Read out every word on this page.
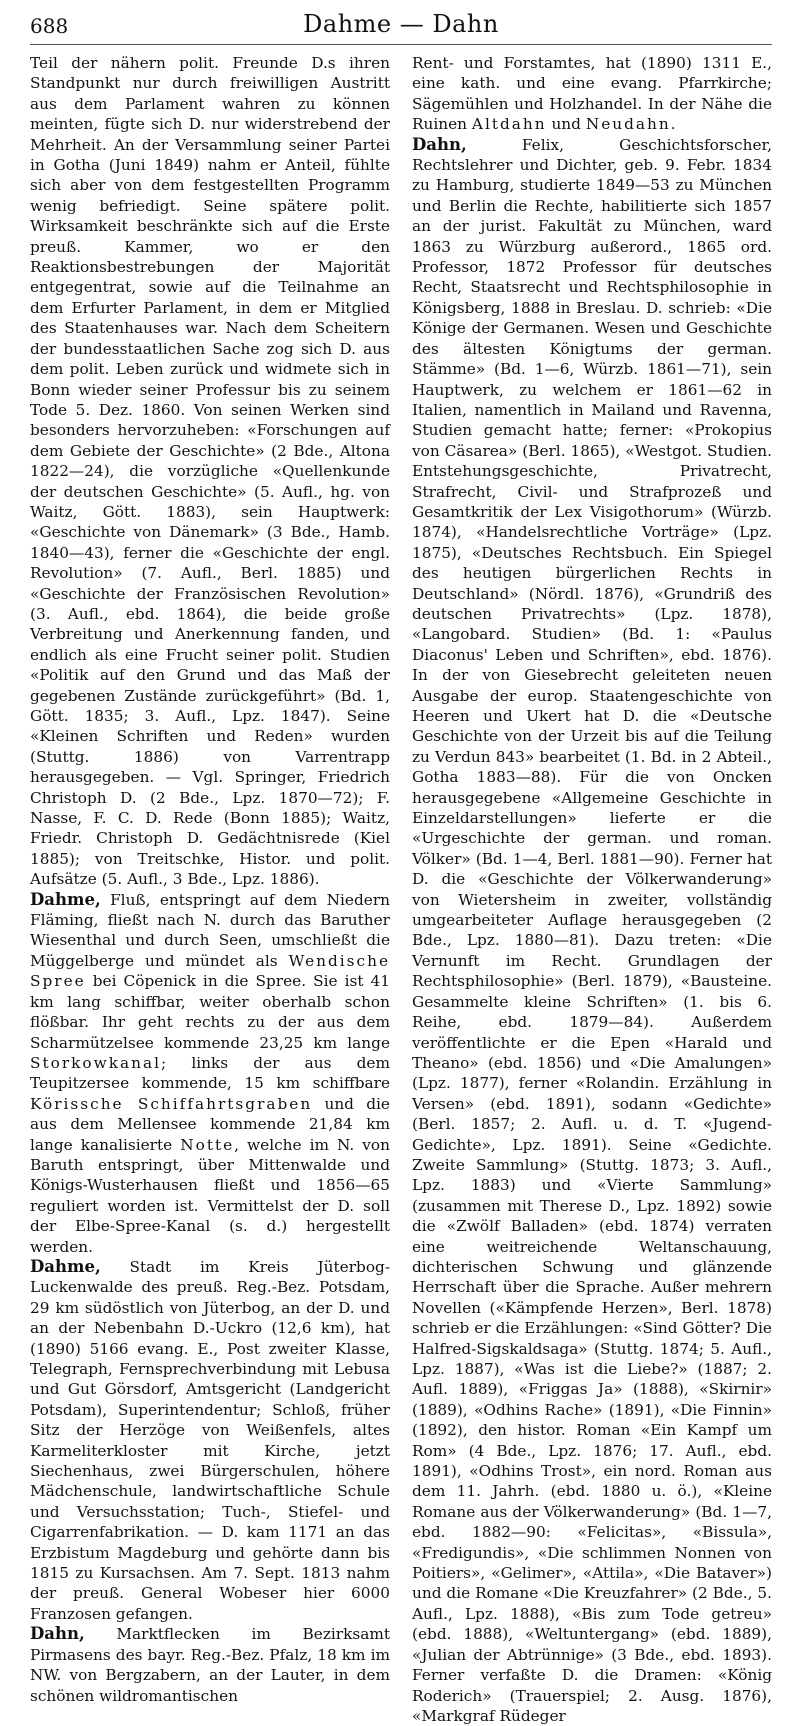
688	Dahme — Dahn

Teil der nähern polit. Freunde D.s ihren Standpunkt nur durch freiwilligen Austritt aus dem Parlament wahren zu können meinten, fügte sich D. nur widerstrebend der Mehrheit. An der Versammlung seiner Partei in Gotha (Juni 1849) nahm er Anteil, fühlte sich aber von dem festgestellten Programm wenig befriedigt. Seine spätere polit. Wirksamkeit beschränkte sich auf die Erste preuß. Kammer, wo er den Reaktionsbestrebungen der Majorität entgegentrat, sowie auf die Teilnahme an dem Erfurter Parlament, in dem er Mitglied des Staatenhauses war. Nach dem Scheitern der bundesstaatlichen Sache zog sich D. aus dem polit. Leben zurück und widmete sich in Bonn wieder seiner Professur bis zu seinem Tode 5. Dez. 1860. Von seinen Werken sind besonders hervorzuheben: «Forschungen auf dem Gebiete der Geschichte» (2 Bde., Altona 1822—24), die vorzügliche «Quellenkunde der deutschen Geschichte» (5. Aufl., hg. von Waitz, Gött. 1883), sein Hauptwerk: «Geschichte von Dänemark» (3 Bde., Hamb. 1840—43), ferner die «Geschichte der engl. Revolution» (7. Aufl., Berl. 1885) und «Geschichte der Französischen Revolution» (3. Aufl., ebd. 1864), die beide große Verbreitung und Anerkennung fanden, und endlich als eine Frucht seiner polit. Studien «Politik auf den Grund und das Maß der gegebenen Zustände zurückgeführt» (Bd. 1, Gött. 1835; 3. Aufl., Lpz. 1847). Seine «Kleinen Schriften und Reden» wurden (Stuttg. 1886) von Varrentrapp herausgegeben. — Vgl. Springer, Friedrich Christoph D. (2 Bde., Lpz. 1870—72); F. Nasse, F. C. D. Rede (Bonn 1885); Waitz, Friedr. Christoph D. Gedächtnisrede (Kiel 1885); von Treitschke, Histor. und polit. Aufsätze (5. Aufl., 3 Bde., Lpz. 1886).

Dahme, Fluß, entspringt auf dem Niedern Fläming, fließt nach N. durch das Baruther Wiesenthal und durch Seen, umschließt die Müggelberge und mündet als Wendische Spree bei Cöpenick in die Spree. Sie ist 41 km lang schiffbar, weiter oberhalb schon flößbar. Ihr geht rechts zu der aus dem Scharmützelsee kommende 23,25 km lange Storkowkanal; links der aus dem Teupitzersee kommende, 15 km schiffbare Körissche Schiffahrtsgraben und die aus dem Mellensee kommende 21,84 km lange kanalisierte Notte, welche im N. von Baruth entspringt, über Mittenwalde und Königs-Wusterhausen fließt und 1856—65 reguliert worden ist. Vermittelst der D. soll der Elbe-Spree-Kanal (s. d.) hergestellt werden.

Dahme, Stadt im Kreis Jüterbog-Luckenwalde des preuß. Reg.-Bez. Potsdam, 29 km südöstlich von Jüterbog, an der D. und an der Nebenbahn D.-Uckro (12,6 km), hat (1890) 5166 evang. E., Post zweiter Klasse, Telegraph, Fernsprechverbindung mit Lebusa und Gut Görsdorf, Amtsgericht (Landgericht Potsdam), Superintendentur; Schloß, früher Sitz der Herzöge von Weißenfels, altes Karmeliterkloster mit Kirche, jetzt Siechenhaus, zwei Bürgerschulen, höhere Mädchenschule, landwirtschaftliche Schule und Versuchsstation; Tuch-, Stiefel- und Cigarrenfabrikation. — D. kam 1171 an das Erzbistum Magdeburg und gehörte dann bis 1815 zu Kursachsen. Am 7. Sept. 1813 nahm der preuß. General Wobeser hier 6000 Franzosen gefangen.

Dahn, Marktflecken im Bezirksamt Pirmasens des bayr. Reg.-Bez. Pfalz, 18 km im NW. von Bergzabern, an der Lauter, in dem schönen wildromantischen

Rent- und Forstamtes, hat (1890) 1311 E., eine kath. und eine evang. Pfarrkirche; Sägemühlen und Holzhandel. In der Nähe die Ruinen Altdahn und Neudahn.

Dahn, Felix, Geschichtsforscher, Rechtslehrer und Dichter, geb. 9. Febr. 1834 zu Hamburg, studierte 1849—53 zu München und Berlin die Rechte, habilitierte sich 1857 an der jurist. Fakultät zu München, ward 1863 zu Würzburg außerord., 1865 ord. Professor, 1872 Professor für deutsches Recht, Staatsrecht und Rechtsphilosophie in Königsberg, 1888 in Breslau. D. schrieb: «Die Könige der Germanen. Wesen und Geschichte des ältesten Königtums der german. Stämme» (Bd. 1—6, Würzb. 1861—71), sein Hauptwerk, zu welchem er 1861—62 in Italien, namentlich in Mailand und Ravenna, Studien gemacht hatte; ferner: «Prokopius von Cäsarea» (Berl. 1865), «Westgot. Studien. Entstehungsgeschichte, Privatrecht, Strafrecht, Civil- und Strafprozeß und Gesamtkritik der Lex Visigothorum» (Würzb. 1874), «Handelsrechtliche Vorträge» (Lpz. 1875), «Deutsches Rechtsbuch. Ein Spiegel des heutigen bürgerlichen Rechts in Deutschland» (Nördl. 1876), «Grundriß des deutschen Privatrechts» (Lpz. 1878), «Langobard. Studien» (Bd. 1: «Paulus Diaconus' Leben und Schriften», ebd. 1876). In der von Giesebrecht geleiteten neuen Ausgabe der europ. Staatengeschichte von Heeren und Ukert hat D. die «Deutsche Geschichte von der Urzeit bis auf die Teilung zu Verdun 843» bearbeitet (1. Bd. in 2 Abteil., Gotha 1883—88). Für die von Oncken herausgegebene «Allgemeine Geschichte in Einzeldarstellungen» lieferte er die «Urgeschichte der german. und roman. Völker» (Bd. 1—4, Berl. 1881—90). Ferner hat D. die «Geschichte der Völkerwanderung» von Wietersheim in zweiter, vollständig umgearbeiteter Auflage herausgegeben (2 Bde., Lpz. 1880—81). Dazu treten: «Die Vernunft im Recht. Grundlagen der Rechtsphilosophie» (Berl. 1879), «Bausteine. Gesammelte kleine Schriften» (1. bis 6. Reihe, ebd. 1879—84). Außerdem veröffentlichte er die Epen «Harald und Theano» (ebd. 1856) und «Die Amalungen» (Lpz. 1877), ferner «Rolandin. Erzählung in Versen» (ebd. 1891), sodann «Gedichte» (Berl. 1857; 2. Aufl. u. d. T. «Jugend-Gedichte», Lpz. 1891). Seine «Gedichte. Zweite Sammlung» (Stuttg. 1873; 3. Aufl., Lpz. 1883) und «Vierte Sammlung» (zusammen mit Therese D., Lpz. 1892) sowie die «Zwölf Balladen» (ebd. 1874) verraten eine weitreichende Weltanschauung, dichterischen Schwung und glänzende Herrschaft über die Sprache. Außer mehrern Novellen («Kämpfende Herzen», Berl. 1878) schrieb er die Erzählungen: «Sind Götter? Die Halfred-Sigskaldsaga» (Stuttg. 1874; 5. Aufl., Lpz. 1887), «Was ist die Liebe?» (1887; 2. Aufl. 1889), «Friggas Ja» (1888), «Skirnir» (1889), «Odhins Rache» (1891), «Die Finnin» (1892), den histor. Roman «Ein Kampf um Rom» (4 Bde., Lpz. 1876; 17. Aufl., ebd. 1891), «Odhins Trost», ein nord. Roman aus dem 11. Jahrh. (ebd. 1880 u. ö.), «Kleine Romane aus der Völkerwanderung» (Bd. 1—7, ebd. 1882—90: «Felicitas», «Bissula», «Fredigundis», «Die schlimmen Nonnen von Poitiers», «Gelimer», «Attila», «Die Bataver») und die Romane «Die Kreuzfahrer» (2 Bde., 5. Aufl., Lpz. 1888), «Bis zum Tode getreu» (ebd. 1888), «Weltuntergang» (ebd. 1889), «Julian der Abtrünnige» (3 Bde., ebd. 1893). Ferner verfaßte D. die Dramen: «König Roderich» (Trauerspiel; 2. Ausg. 1876), «Markgraf Rüdeger
